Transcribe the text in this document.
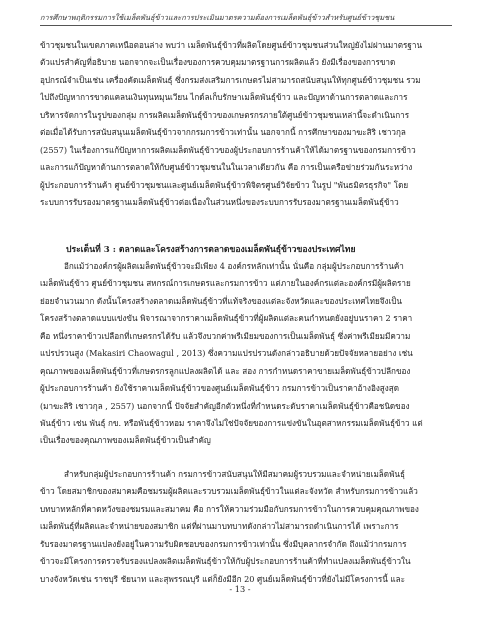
การศึกษาพฤติกรรมการใช้เมล็ดพันธุ์ข้าวและการประเมินมาตรความต้องการเมล็ดพันธุ์ข้าวสำหรับศูนย์ข้าวชุมชน
ข้าวชุมชนในเขตภาคเหนือตอนล่าง พบว่า เมล็ดพันธุ์ข้าวที่ผลิตโดยศูนย์ข้าวชุมชนส่วนใหญ่ยังไม่ผ่านมาตรฐาน
ตัวแปรสำคัญที่อธิบาย นอกจากจะเป็นเรื่องของการควบคุมมาตรฐานการผลิตแล้ว ยังมีเรื่องของการขาด
อุปกรณ์จำเป็นเช่น เครื่องคัดเมล็ดพันธุ์ ซึ่งกรมส่งเสริมการเกษตรไม่สามารถสนับสนุนให้ทุกศูนย์ข้าวชุมชน รวม
ไปถึงปัญหาการขาดแคลนเงินทุนหมุนเวียน ไกด์ลเก็บรักษาเมล็ดพันธุ์ข้าว และปัญหาด้านการตลาดและการ
บริหารจัดการในรูปของกลุ่ม การผลิตเมล็ดพันธุ์ข้าวของเกษตรกรภายใต้ศูนย์ข้าวชุมชนเหล่านี้จะดำเนินการ
ต่อเมื่อได้รับการสนับสนุนเมล็ดพันธุ์ข้าวจากกรมการข้าวเท่านั้น นอกจากนี้ การศึกษาของมาฆะสิริ เชาวกุล
(2557) ในเรื่องการแก้ปัญหาการผลิตเมล็ดพันธุ์ข้าวของผู้ประกอบการร้านค้าให้ได้มาตรฐานของกรมการข้าว
และการแก้ปัญหาด้านการตลาดให้กับศูนย์ข้าวชุมชนในในเวลาเดียวกัน คือ การเป็นเครือข่ายร่วมกันระหว่าง
ผู้ประกอบการร้านค้า ศูนย์ข้าวชุมชนและศูนย์เมล็ดพันธุ์ข้าวพิจิตรศูนย์วิจัยข้าว ในรูป "พันธมิตรธุรกิจ" โดย
ระบบการรับรองมาตรฐานเมล็ดพันธุ์ข้าวต่อเนื่องในส่วนหนึ่งของระบบการรับรองมาตรฐานเมล็ดพันธุ์ข้าว
ประเด็นที่ 3 : ตลาดและโครงสร้างการตลาดของเมล็ดพันธุ์ข้าวของประเทศไทย
อีกแม้ว่าองค์กรผู้ผลิตเมล็ดพันธุ์ข้าวจะมีเพียง 4 องค์กรหลักเท่านั้น นั่นคือ กลุ่มผู้ประกอบการร้านค้า
เมล็ดพันธุ์ข้าว ศูนย์ข้าวชุมชน สหกรณ์การเกษตรและกรมการข้าว แต่ภายในองค์กรแต่ละองค์กรมีผู้ผลิตราย
ย่อยจำนวนมาก ดังนั้นโครงสร้างตลาดเมล็ดพันธุ์ข้าวที่แท้จริงของแต่ละจังหวัดและของประเทศไทยจึงเป็น
โครงสร้างตลาดแบบแข่งขัน พิจารณาจากราคาเมล็ดพันธุ์ข้าวที่ผู้ผลิตแต่ละคนกำหนดยังอยู่บนราคา 2 ราคา
คือ หนึ่งราคาข้าวเปลือกที่เกษตรกรได้รับ แล้วจึงบวกค่าพรีเมียมของการเป็นเมล็ดพันธุ์ ซึ่งค่าพรีเมียมมีความ
แปรปรวนสูง (Makasiri Chaowagul , 2013) ซึ่งความแปรปรวนดังกล่าวอธิบายด้วยปัจจัยหลายอย่าง เช่น
คุณภาพของเมล็ดพันธุ์ข้าวที่เกษตรกรลูกแปลงผลิตได้ และ สอง การกำหนดราคาขายเมล็ดพันธุ์ข้าวปลีกของ
ผู้ประกอบการร้านค้า ยังใช้ราคาเมล็ดพันธุ์ข้าวของศูนย์เมล็ดพันธุ์ข้าว กรมการข้าวเป็นราคาอ้างอิงสูงสุด
(มาฆะสิริ เชาวกุล , 2557) นอกจากนี้ ปัจจัยสำคัญอีกตัวหนึ่งที่กำหนดระดับราคาเมล็ดพันธุ์ข้าวคือชนิดของ
พันธุ์ข้าว เช่น พันธุ์ กข. หรือพันธุ์ข้าวหอม ราคาจึงไม่ใช่ปัจจัยของการแข่งขันในอุตสาหกรรมเมล็ดพันธุ์ข้าว แต่
เป็นเรื่องของคุณภาพของเมล็ดพันธุ์ข้าวเป็นสำคัญ
สำหรับกลุ่มผู้ประกอบการร้านค้า กรมการข้าวสนับสนุนให้มีสมาคมผู้รวบรวมและจำหน่ายเมล็ดพันธุ์
ข้าว โดยสมาชิกของสมาคมคือชมรมผู้ผลิตและรวบรวมเมล็ดพันธุ์ข้าวในแต่ละจังหวัด สำหรับกรมการข้าวแล้ว
บทบาทหลักที่คาดหวังของชมรมและสมาคม คือ การให้ความร่วมมือกับกรมการข้าวในการควบคุมคุณภาพของ
เมล็ดพันธุ์ที่ผลิตและจำหน่ายของสมาชิก แต่ที่ผ่านมาบทบาทดังกล่าวไม่สามารถดำเนินการได้ เพราะการ
รับรองมาตรฐานแปลงยังอยู่ในความรับผิดชอบของกรมการข้าวเท่านั้น ซึ่งมีบุคลากรจำกัด ถึงแม้ว่ากรมการ
ข้าวจะมีโครงการตรวจรับรองแปลงผลิตเมล็ดพันธุ์ข้าวให้กับผู้ประกอบการร้านค้าที่ทำแปลงเมล็ดพันธุ์ข้าวใน
บางจังหวัดเช่น ราชบุรี ชัยนาท และสุพรรณบุรี แต่ก็ยังมีอีก 20 ศูนย์เมล็ดพันธุ์ข้าวที่ยังไม่มีโครงการนี้ และ
- 13 -
